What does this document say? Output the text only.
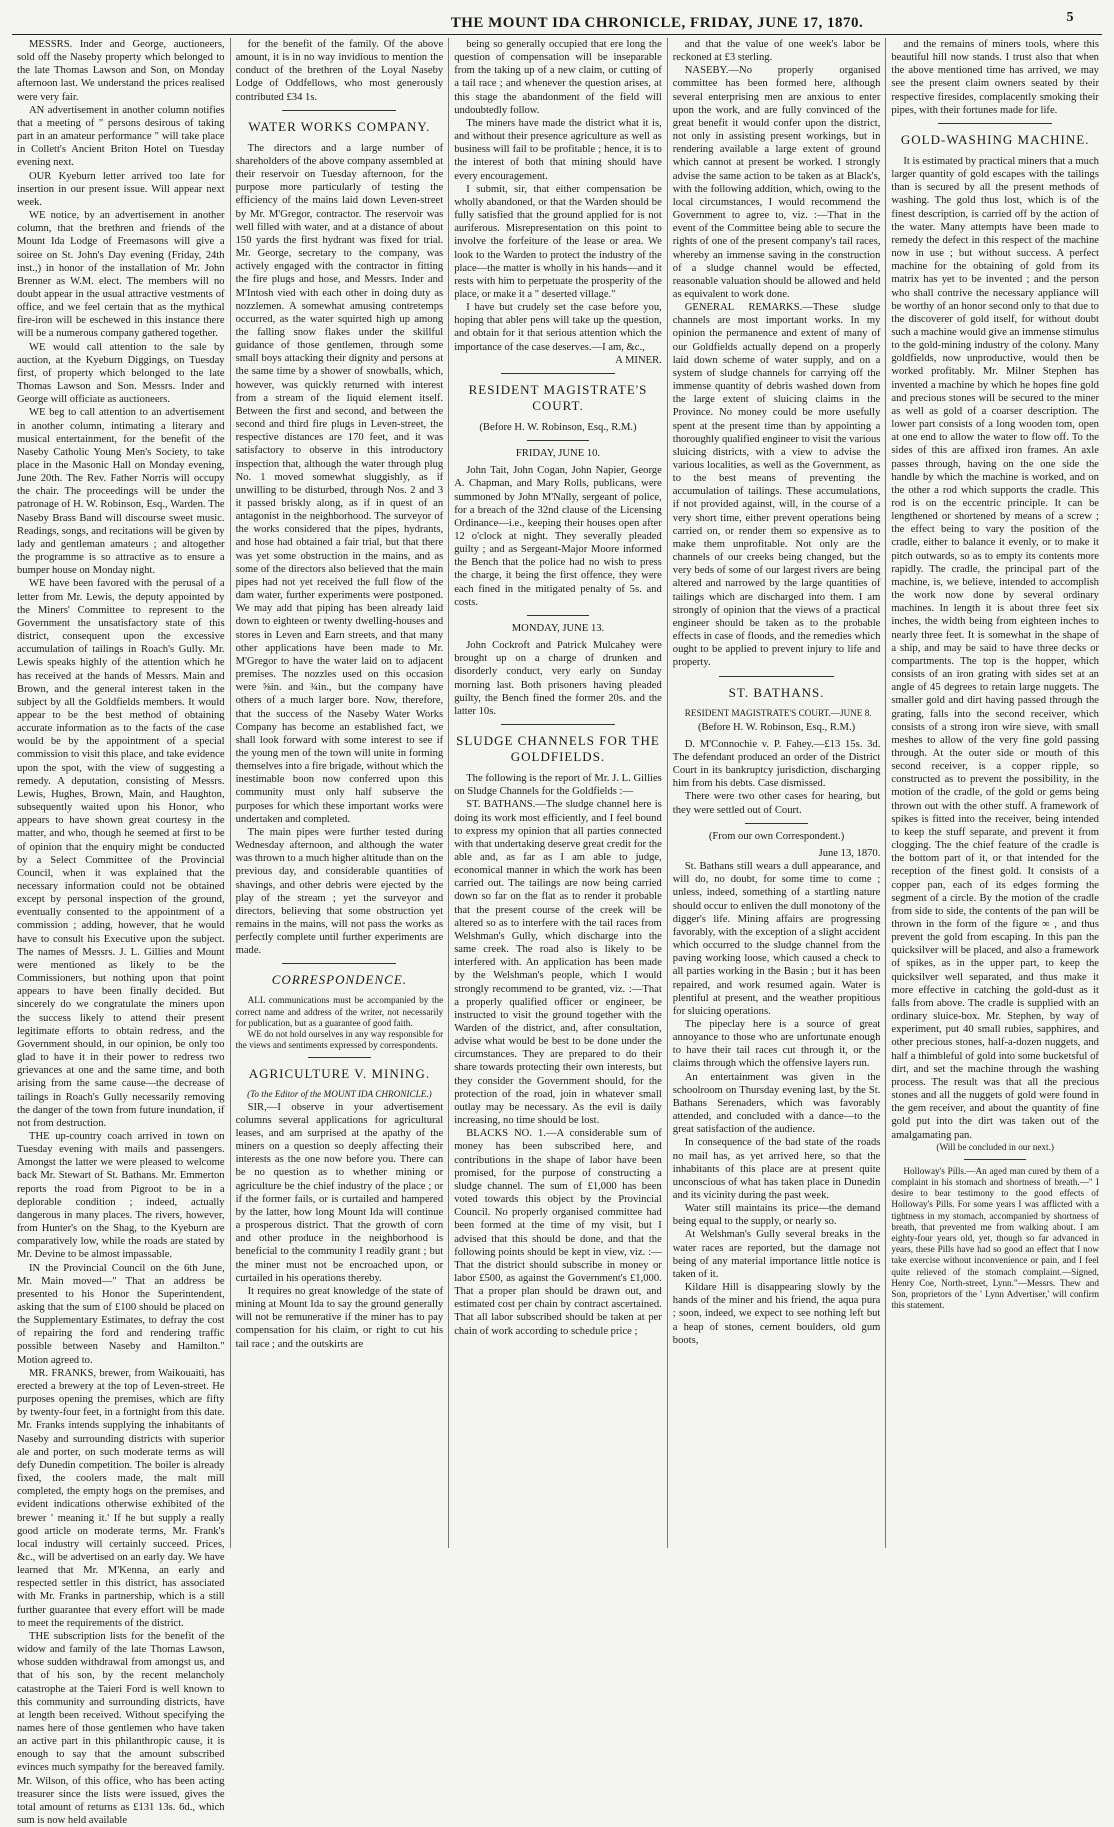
THE MOUNT IDA CHRONICLE, FRIDAY, JUNE 17, 1870.	5

MESSRS. Inder and George, auctioneers, sold off the Naseby property which belonged to the late Thomas Lawson and Son, on Monday afternoon last. We understand the prices realised were very fair.

AN advertisement in another column notifies that a meeting of " persons desirous of taking part in an amateur performance " will take place in Collett's Ancient Briton Hotel on Tuesday evening next.

OUR Kyeburn letter arrived too late for insertion in our present issue. Will appear next week.

WE notice, by an advertisement in another column, that the brethren and friends of the Mount Ida Lodge of Freemasons will give a soiree on St. John's Day evening (Friday, 24th inst.,) in honor of the installation of Mr. John Brenner as W.M. elect. The members will no doubt appear in the usual attractive vestments of office, and we feel certain that as the mythical fire-iron will be eschewed in this instance there will be a numerous company gathered together.

WE would call attention to the sale by auction, at the Kyeburn Diggings, on Tuesday first, of property which belonged to the late Thomas Lawson and Son. Messrs. Inder and George will officiate as auctioneers.

WE beg to call attention to an advertisement in another column, intimating a literary and musical entertainment, for the benefit of the Naseby Catholic Young Men's Society, to take place in the Masonic Hall on Monday evening, June 20th. The Rev. Father Norris will occupy the chair. The proceedings will be under the patronage of H. W. Robinson, Esq., Warden. The Naseby Brass Band will discourse sweet music. Readings, songs, and recitations will be given by lady and gentleman amateurs ; and altogether the programme is so attractive as to ensure a bumper house on Monday night.

WE have been favored with the perusal of a letter from Mr. Lewis, the deputy appointed by the Miners' Committee to represent to the Government the unsatisfactory state of this district, consequent upon the excessive accumulation of tailings in Roach's Gully. Mr. Lewis speaks highly of the attention which he has received at the hands of Messrs. Main and Brown, and the general interest taken in the subject by all the Goldfields members. It would appear to be the best method of obtaining accurate information as to the facts of the case would be by the appointment of a special commission to visit this place, and take evidence upon the spot, with the view of suggesting a remedy. A deputation, consisting of Messrs. Lewis, Hughes, Brown, Main, and Haughton, subsequently waited upon his Honor, who appears to have shown great courtesy in the matter, and who, though he seemed at first to be of opinion that the enquiry might be conducted by a Select Committee of the Provincial Council, when it was explained that the necessary information could not be obtained except by personal inspection of the ground, eventually consented to the appointment of a commission ; adding, however, that he would have to consult his Executive upon the subject. The names of Messrs. J. L. Gillies and Mount were mentioned as likely to be the Commissioners, but nothing upon that point appears to have been finally decided. But sincerely do we congratulate the miners upon the success likely to attend their present legitimate efforts to obtain redress, and the Government should, in our opinion, be only too glad to have it in their power to redress two grievances at one and the same time, and both arising from the same cause—the decrease of tailings in Roach's Gully necessarily removing the danger of the town from future inundation, if not from destruction.

THE up-country coach arrived in town on Tuesday evening with mails and passengers. Amongst the latter we were pleased to welcome back Mr. Stewart of St. Bathans. Mr. Emmerton reports the road from Pigroot to be in a deplorable condition ; indeed, actually dangerous in many places. The rivers, however, from Hunter's on the Shag, to the Kyeburn are comparatively low, while the roads are stated by Mr. Devine to be almost impassable.

IN the Provincial Council on the 6th June, Mr. Main moved—" That an address be presented to his Honor the Superintendent, asking that the sum of £100 should be placed on the Supplementary Estimates, to defray the cost of repairing the ford and rendering traffic possible between Naseby and Hamilton." Motion agreed to.

MR. FRANKS, brewer, from Waikouaiti, has erected a brewery at the top of Leven-street. He purposes opening the premises, which are fifty by twenty-four feet, in a fortnight from this date. Mr. Franks intends supplying the inhabitants of Naseby and surrounding districts with superior ale and porter, on such moderate terms as will defy Dunedin competition. The boiler is already fixed, the coolers made, the malt mill completed, the empty hogs on the premises, and evident indications otherwise exhibited of the brewer ' meaning it.' If he but supply a really good article on moderate terms, Mr. Frank's local industry will certainly succeed. Prices, &c., will be advertised on an early day. We have learned that Mr. M'Kenna, an early and respected settler in this district, has associated with Mr. Franks in partnership, which is a still further guarantee that every effort will be made to meet the requirements of the district.

THE subscription lists for the benefit of the widow and family of the late Thomas Lawson, whose sudden withdrawal from amongst us, and that of his son, by the recent melancholy catastrophe at the Taieri Ford is well known to this community and surrounding districts, have at length been received. Without specifying the names here of those gentlemen who have taken an active part in this philanthropic cause, it is enough to say that the amount subscribed evinces much sympathy for the bereaved family. Mr. Wilson, of this office, who has been acting treasurer since the lists were issued, gives the total amount of returns as £131 13s. 6d., which sum is now held available

for the benefit of the family. Of the above amount, it is in no way invidious to mention the conduct of the brethren of the Loyal Naseby Lodge of Oddfellows, who most generously contributed £34 1s.

WATER WORKS COMPANY.

The directors and a large number of shareholders of the above company assembled at their reservoir on Tuesday afternoon, for the purpose more particularly of testing the efficiency of the mains laid down Leven-street by Mr. M'Gregor, contractor. The reservoir was well filled with water, and at a distance of about 150 yards the first hydrant was fixed for trial. Mr. George, secretary to the company, was actively engaged with the contractor in fitting the fire plugs and hose, and Messrs. Inder and M'Intosh vied with each other in doing duty as nozzlemen. A somewhat amusing contretemps occurred, as the water squirted high up among the falling snow flakes under the skillful guidance of those gentlemen, through some small boys attacking their dignity and persons at the same time by a shower of snowballs, which, however, was quickly returned with interest from a stream of the liquid element itself. Between the first and second, and between the second and third fire plugs in Leven-street, the respective distances are 170 feet, and it was satisfactory to observe in this introductory inspection that, although the water through plug No. 1 moved somewhat sluggishly, as if unwilling to be disturbed, through Nos. 2 and 3 it passed briskly along, as if in quest of an antagonist in the neighborhood. The surveyor of the works considered that the pipes, hydrants, and hose had obtained a fair trial, but that there was yet some obstruction in the mains, and as some of the directors also believed that the main pipes had not yet received the full flow of the dam water, further experiments were postponed. We may add that piping has been already laid down to eighteen or twenty dwelling-houses and stores in Leven and Earn streets, and that many other applications have been made to Mr. M'Gregor to have the water laid on to adjacent premises. The nozzles used on this occasion were ⅝in. and ¾in., but the company have others of a much larger bore. Now, therefore, that the success of the Naseby Water Works Company has become an established fact, we shall look forward with some interest to see if the young men of the town will unite in forming themselves into a fire brigade, without which the inestimable boon now conferred upon this community must only half subserve the purposes for which these important works were undertaken and completed.

The main pipes were further tested during Wednesday afternoon, and although the water was thrown to a much higher altitude than on the previous day, and considerable quantities of shavings, and other debris were ejected by the play of the stream ; yet the surveyor and directors, believing that some obstruction yet remains in the mains, will not pass the works as perfectly complete until further experiments are made.

CORRESPONDENCE.

ALL communications must be accompanied by the correct name and address of the writer, not necessarily for publication, but as a guarantee of good faith.

WE do not hold ourselves in any way responsible for the views and sentiments expressed by correspondents.

AGRICULTURE V. MINING.

(To the Editor of the MOUNT IDA CHRONICLE.)

SIR,—I observe in your advertisement columns several applications for agricultural leases, and am surprised at the apathy of the miners on a question so deeply affecting their interests as the one now before you. There can be no question as to whether mining or agriculture be the chief industry of the place ; or if the former fails, or is curtailed and hampered by the latter, how long Mount Ida will continue a prosperous district. That the growth of corn and other produce in the neighborhood is beneficial to the community I readily grant ; but the miner must not be encroached upon, or curtailed in his operations thereby.

It requires no great knowledge of the state of mining at Mount Ida to say the ground generally will not be remunerative if the miner has to pay compensation for his claim, or right to cut his tail race ; and the outskirts are

being so generally occupied that ere long the question of compensation will be inseparable from the taking up of a new claim, or cutting of a tail race ; and whenever the question arises, at this stage the abandonment of the field will undoubtedly follow.

The miners have made the district what it is, and without their presence agriculture as well as business will fail to be profitable ; hence, it is to the interest of both that mining should have every encouragement.

I submit, sir, that either compensation be wholly abandoned, or that the Warden should be fully satisfied that the ground applied for is not auriferous. Misrepresentation on this point to involve the forfeiture of the lease or area. We look to the Warden to protect the industry of the place—the matter is wholly in his hands—and it rests with him to perpetuate the prosperity of the place, or make it a " deserted village."

I have but crudely set the case before you, hoping that abler pens will take up the question, and obtain for it that serious attention which the importance of the case deserves.—I am, &c.,

A MINER.

RESIDENT MAGISTRATE'S COURT.
(Before H. W. Robinson, Esq., R.M.)
FRIDAY, JUNE 10.

John Tait, John Cogan, John Napier, George A. Chapman, and Mary Rolls, publicans, were summoned by John M'Nally, sergeant of police, for a breach of the 32nd clause of the Licensing Ordinance—i.e., keeping their houses open after 12 o'clock at night. They severally pleaded guilty ; and as Sergeant-Major Moore informed the Bench that the police had no wish to press the charge, it being the first offence, they were each fined in the mitigated penalty of 5s. and costs.

MONDAY, JUNE 13.

John Cockroft and Patrick Mulcahey were brought up on a charge of drunken and disorderly conduct, very early on Sunday morning last. Both prisoners having pleaded guilty, the Bench fined the former 20s. and the latter 10s.

SLUDGE CHANNELS FOR THE GOLDFIELDS.

The following is the report of Mr. J. L. Gillies on Sludge Channels for the Goldfields :—

ST. BATHANS.—The sludge channel here is doing its work most efficiently, and I feel bound to express my opinion that all parties connected with that undertaking deserve great credit for the able and, as far as I am able to judge, economical manner in which the work has been carried out. The tailings are now being carried down so far on the flat as to render it probable that the present course of the creek will be altered so as to interfere with the tail races from Welshman's Gully, which discharge into the same creek. The road also is likely to be interfered with. An application has been made by the Welshman's people, which I would strongly recommend to be granted, viz. :—That a properly qualified officer or engineer, be instructed to visit the ground together with the Warden of the district, and, after consultation, advise what would be best to be done under the circumstances. They are prepared to do their share towards protecting their own interests, but they consider the Government should, for the protection of the road, join in whatever small outlay may be necessary. As the evil is daily increasing, no time should be lost.

BLACKS NO. 1.—A considerable sum of money has been subscribed here, and contributions in the shape of labor have been promised, for the purpose of constructing a sludge channel. The sum of £1,000 has been voted towards this object by the Provincial Council. No properly organised committee had been formed at the time of my visit, but I advised that this should be done, and that the following points should be kept in view, viz. :—That the district should subscribe in money or labor £500, as against the Government's £1,000. That a proper plan should be drawn out, and estimated cost per chain by contract ascertained. That all labor subscribed should be taken at per chain of work according to schedule price ;

and that the value of one week's labor be reckoned at £3 sterling.

NASEBY.—No properly organised committee has been formed here, although several enterprising men are anxious to enter upon the work, and are fully convinced of the great benefit it would confer upon the district, not only in assisting present workings, but in rendering available a large extent of ground which cannot at present be worked. I strongly advise the same action to be taken as at Black's, with the following addition, which, owing to the local circumstances, I would recommend the Government to agree to, viz. :—That in the event of the Committee being able to secure the rights of one of the present company's tail races, whereby an immense saving in the construction of a sludge channel would be effected, reasonable valuation should be allowed and held as equivalent to work done.

GENERAL REMARKS.—These sludge channels are most important works. In my opinion the permanence and extent of many of our Goldfields actually depend on a properly laid down scheme of water supply, and on a system of sludge channels for carrying off the immense quantity of debris washed down from the large extent of sluicing claims in the Province. No money could be more usefully spent at the present time than by appointing a thoroughly qualified engineer to visit the various sluicing districts, with a view to advise the various localities, as well as the Government, as to the best means of preventing the accumulation of tailings. These accumulations, if not provided against, will, in the course of a very short time, either prevent operations being carried on, or render them so expensive as to make them unprofitable. Not only are the channels of our creeks being changed, but the very beds of some of our largest rivers are being altered and narrowed by the large quantities of tailings which are discharged into them. I am strongly of opinion that the views of a practical engineer should be taken as to the probable effects in case of floods, and the remedies which ought to be applied to prevent injury to life and property.

ST. BATHANS.

RESIDENT MAGISTRATE'S COURT.—JUNE 8.

(Before H. W. Robinson, Esq., R.M.)

D. M'Connochie v. P. Fahey.—£13 15s. 3d. The defendant produced an order of the District Court in its bankruptcy jurisdiction, discharging him from his debts. Case dismissed.

There were two other cases for hearing, but they were settled out of Court.

(From our own Correspondent.)

June 13, 1870.

St. Bathans still wears a dull appearance, and will do, no doubt, for some time to come ; unless, indeed, something of a startling nature should occur to enliven the dull monotony of the digger's life. Mining affairs are progressing favorably, with the exception of a slight accident which occurred to the sludge channel from the paving working loose, which caused a check to all parties working in the Basin ; but it has been repaired, and work resumed again. Water is plentiful at present, and the weather propitious for sluicing operations.

The pipeclay here is a source of great annoyance to those who are unfortunate enough to have their tail races cut through it, or the claims through which the offensive layers run.

An entertainment was given in the schoolroom on Thursday evening last, by the St. Bathans Serenaders, which was favorably attended, and concluded with a dance—to the great satisfaction of the audience.

In consequence of the bad state of the roads no mail has, as yet arrived here, so that the inhabitants of this place are at present quite unconscious of what has taken place in Dunedin and its vicinity during the past week.

Water still maintains its price—the demand being equal to the supply, or nearly so.

At Welshman's Gully several breaks in the water races are reported, but the damage not being of any material importance little notice is taken of it.

Kildare Hill is disappearing slowly by the hands of the miner and his friend, the aqua pura ; soon, indeed, we expect to see nothing left but a heap of stones, cement boulders, old gum boots,

and the remains of miners tools, where this beautiful hill now stands. I trust also that when the above mentioned time has arrived, we may see the present claim owners seated by their respective firesides, complacently smoking their pipes, with their fortunes made for life.

GOLD-WASHING MACHINE.

It is estimated by practical miners that a much larger quantity of gold escapes with the tailings than is secured by all the present methods of washing. The gold thus lost, which is of the finest description, is carried off by the action of the water. Many attempts have been made to remedy the defect in this respect of the machine now in use ; but without success. A perfect machine for the obtaining of gold from its matrix has yet to be invented ; and the person who shall contrive the necessary appliance will be worthy of an honor second only to that due to the discoverer of gold itself, for without doubt such a machine would give an immense stimulus to the gold-mining industry of the colony. Many goldfields, now unproductive, would then be worked profitably. Mr. Milner Stephen has invented a machine by which he hopes fine gold and precious stones will be secured to the miner as well as gold of a coarser description. The lower part consists of a long wooden tom, open at one end to allow the water to flow off. To the sides of this are affixed iron frames. An axle passes through, having on the one side the handle by which the machine is worked, and on the other a rod which supports the cradle. This rod is on the eccentric principle. It can be lengthened or shortened by means of a screw ; the effect being to vary the position of the cradle, either to balance it evenly, or to make it pitch outwards, so as to empty its contents more rapidly. The cradle, the principal part of the machine, is, we believe, intended to accomplish the work now done by several ordinary machines. In length it is about three feet six inches, the width being from eighteen inches to nearly three feet. It is somewhat in the shape of a ship, and may be said to have three decks or compartments. The top is the hopper, which consists of an iron grating with sides set at an angle of 45 degrees to retain large nuggets. The smaller gold and dirt having passed through the grating, falls into the second receiver, which consists of a strong iron wire sieve, with small meshes to allow of the very fine gold passing through. At the outer side or mouth of this second receiver, is a copper ripple, so constructed as to prevent the possibility, in the motion of the cradle, of the gold or gems being thrown out with the other stuff. A framework of spikes is fitted into the receiver, being intended to keep the stuff separate, and prevent it from clogging. The the chief feature of the cradle is the bottom part of it, or that intended for the reception of the finest gold. It consists of a copper pan, each of its edges forming the segment of a circle. By the motion of the cradle from side to side, the contents of the pan will be thrown in the form of the figure ∞ , and thus prevent the gold from escaping. In this pan the quicksilver will be placed, and also a framework of spikes, as in the upper part, to keep the quicksilver well separated, and thus make it more effective in catching the gold-dust as it falls from above. The cradle is supplied with an ordinary sluice-box. Mr. Stephen, by way of experiment, put 40 small rubies, sapphires, and other precious stones, half-a-dozen nuggets, and half a thimbleful of gold into some bucketsful of dirt, and set the machine through the washing process. The result was that all the precious stones and all the nuggets of gold were found in the gem receiver, and about the quantity of fine gold put into the dirt was taken out of the amalgamating pan.

(Will be concluded in our next.)

Holloway's Pills.—An aged man cured by them of a complaint in his stomach and shortness of breath.—" I desire to bear testimony to the good effects of Holloway's Pills. For some years I was afflicted with a tightness in my stomach, accompanied by shortness of breath, that prevented me from walking about. I am eighty-four years old, yet, though so far advanced in years, these Pills have had so good an effect that I now take exercise without inconvenience or pain, and I feel quite relieved of the stomach complaint.—Signed, Henry Coe, North-street, Lynn."—Messrs. Thew and Son, proprietors of the ' Lynn Advertiser,' will confirm this statement.
